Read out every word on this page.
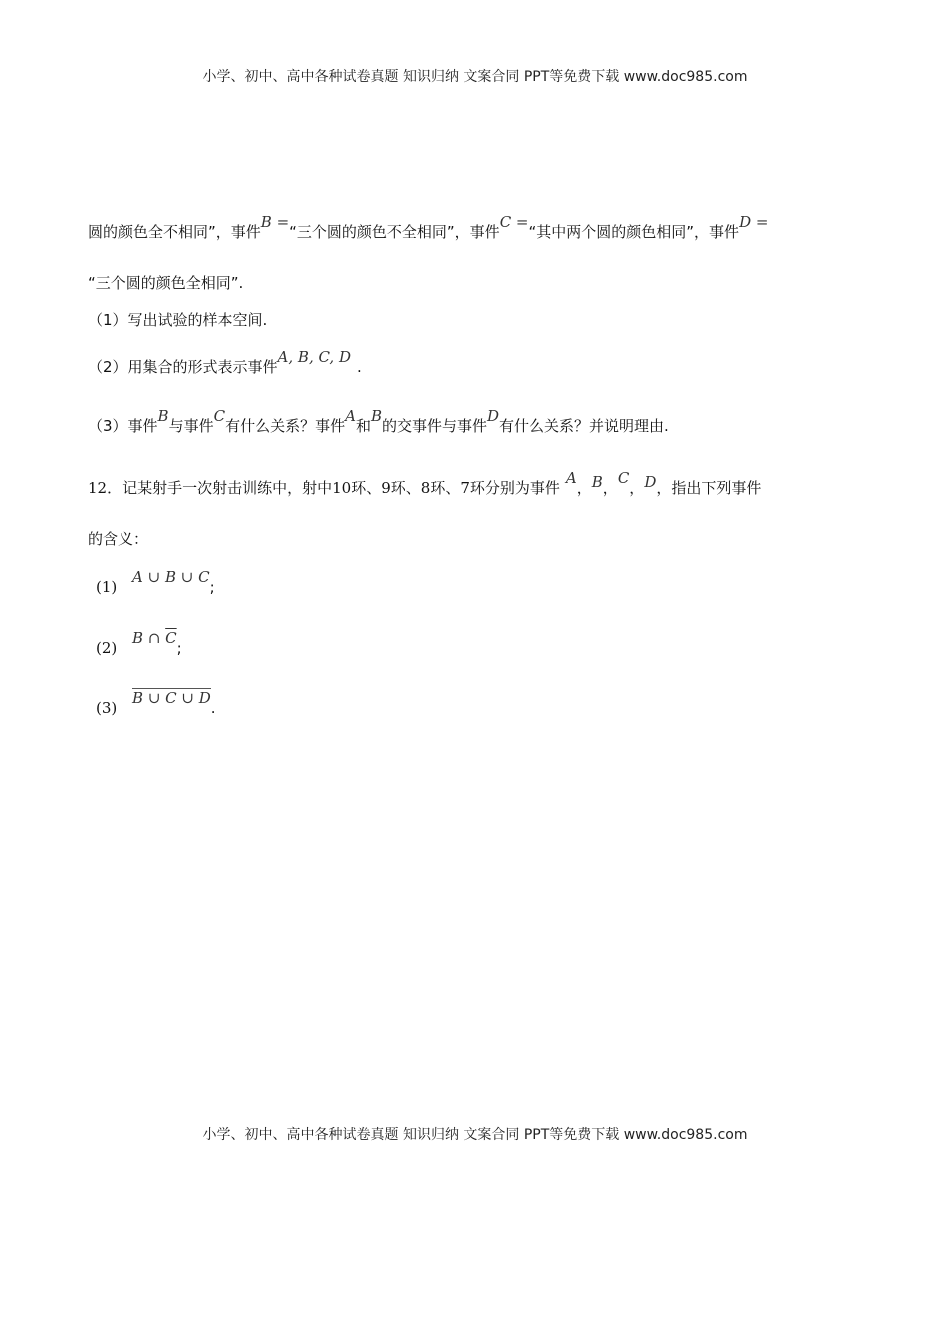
小学、初中、高中各种试卷真题 知识归纳 文案合同 PPT等免费下载 www.doc985.com
圆的颜色全不相同”，事件B =“三个圆的颜色不全相同”，事件C =“其中两个圆的颜色相同”，事件D =
“三个圆的颜色全相同”.
（1）写出试验的样本空间.
（2）用集合的形式表示事件A, B, C, D.
（3）事件B与事件C有什么关系？事件A和B的交事件与事件D有什么关系？并说明理由.
12．记某射手一次射击训练中，射中10环、9环、8环、7环分别为事件A，B，C，D，指出下列事件
的含义：
(1) A ∪ B ∪ C;
(2) B ∩ $\overline{C}$;
(3) B ∪ C ∪ D.
小学、初中、高中各种试卷真题 知识归纳 文案合同 PPT等免费下载 www.doc985.com
